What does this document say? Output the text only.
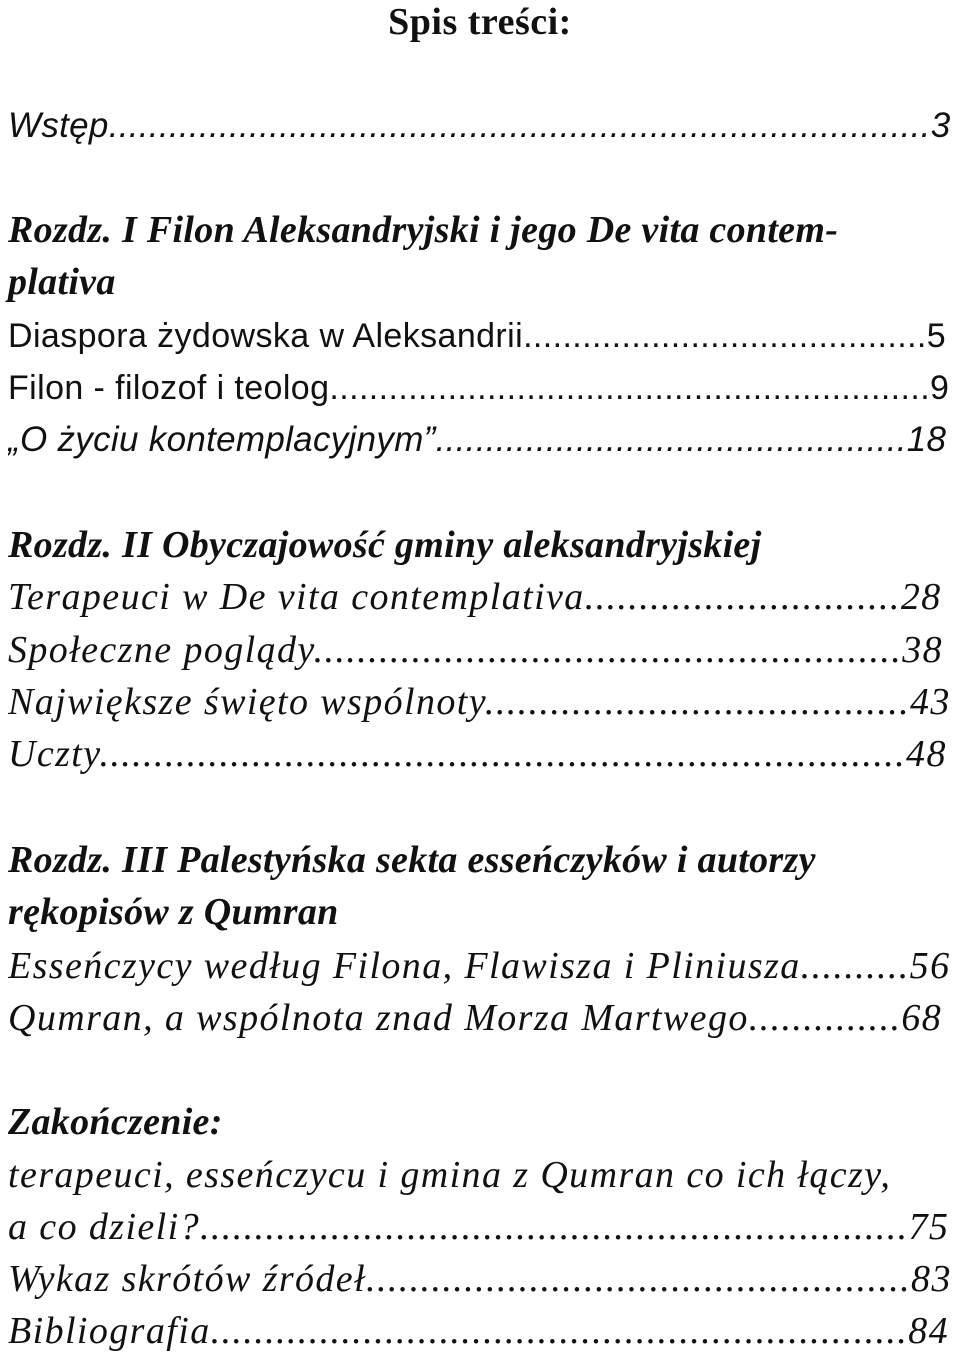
Spis treści:
Wstęp..................................................................................3
Rozdz. I Filon Aleksandryjski i jego De vita contem-
plativa
Diaspora żydowska w Aleksandrii.........................................5
Filon - filozof i teolog.............................................................9
„O życiu kontemplacyjnym”...............................................18
Rozdz. II Obyczajowość gminy aleksandryjskiej
Terapeuci w De vita contemplativa.............................28
Społeczne poglądy......................................................38
Największe święto wspólnoty.......................................43
Uczty..........................................................................48
Rozdz. III Palestyńska sekta esseńczyków i autorzy
rękopisów z Qumran
Esseńczycy według Filona, Flawisza i Pliniusza..........56
Qumran, a wspólnota znad Morza Martwego..............68
Zakończenie:
terapeuci, esseńczycu i gmina z Qumran co ich łączy,
a co dzieli?.................................................................75
Wykaz skrótów źródeł..................................................83
Bibliografia................................................................84
